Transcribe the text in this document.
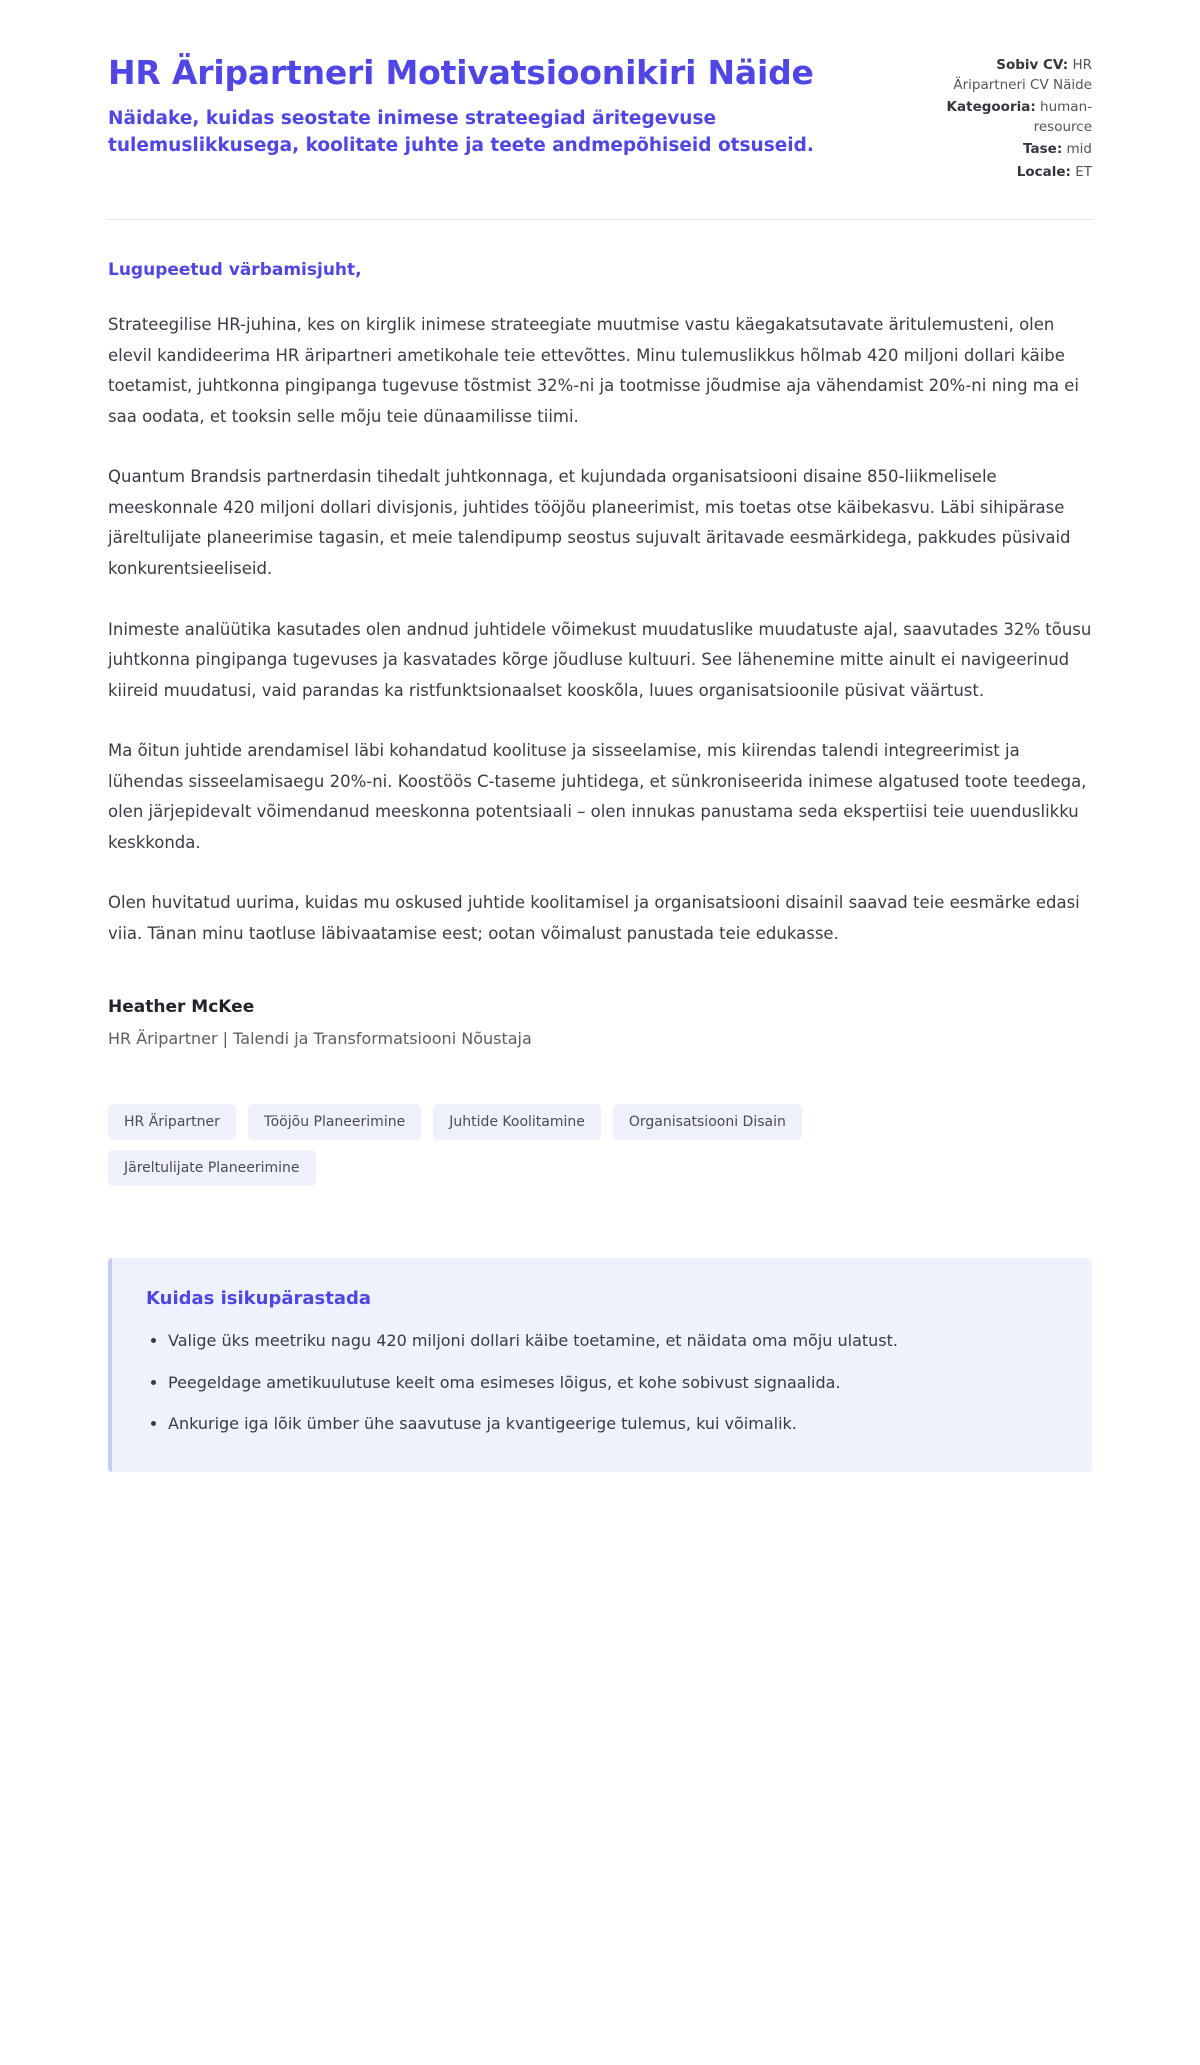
HR Äripartneri Motivatsioonikiri Näide

Näidake, kuidas seostate inimese strateegiad äritegevuse tulemuslikkusega, koolitate juhte ja teete andmepõhiseid otsuseid.

Sobiv CV: HR Äripartneri CV Näide
Kategooria: human-resource
Tase: mid
Locale: ET

Lugupeetud värbamisjuht,

Strateegilise HR-juhina, kes on kirglik inimese strateegiate muutmise vastu käegakatsutavate äritulemusteni, olen elevil kandideerima HR äripartneri ametikohale teie ettevõttes. Minu tulemuslikkus hõlmab 420 miljoni dollari käibe toetamist, juhtkonna pingipanga tugevuse tõstmist 32%-ni ja tootmisse jõudmise aja vähendamist 20%-ni ning ma ei saa oodata, et tooksin selle mõju teie dünaamilisse tiimi.

Quantum Brandsis partnerdasin tihedalt juhtkonnaga, et kujundada organisatsiooni disaine 850-liikmelisele meeskonnale 420 miljoni dollari divisjonis, juhtides tööjõu planeerimist, mis toetas otse käibekasvu. Läbi sihipärase järeltulijate planeerimise tagasin, et meie talendipump seostus sujuvalt äritavade eesmärkidega, pakkudes püsivaid konkurentsieeliseid.

Inimeste analüütika kasutades olen andnud juhtidele võimekust muudatuslike muudatuste ajal, saavutades 32% tõusu juhtkonna pingipanga tugevuses ja kasvatades kõrge jõudluse kultuuri. See lähenemine mitte ainult ei navigeerinud kiireid muudatusi, vaid parandas ka ristfunktsionaalset kooskõla, luues organisatsioonile püsivat väärtust.

Ma õitun juhtide arendamisel läbi kohandatud koolituse ja sisseelamise, mis kiirendas talendi integreerimist ja lühendas sisseelamisaegu 20%-ni. Koostöös C-taseme juhtidega, et sünkroniseerida inimese algatused toote teedega, olen järjepidevalt võimendanud meeskonna potentsiaali – olen innukas panustama seda ekspertiisi teie uuenduslikku keskkonda.

Olen huvitatud uurima, kuidas mu oskused juhtide koolitamisel ja organisatsiooni disainil saavad teie eesmärke edasi viia. Tänan minu taotluse läbivaatamise eest; ootan võimalust panustada teie edukasse.

Heather McKee

HR Äripartner | Talendi ja Transformatsiooni Nõustaja

HR Äripartner	Tööjõu Planeerimine	Juhtide Koolitamine	Organisatsiooni Disain
Järeltulijate Planeerimine
Kuidas isikupärastada
• Valige üks meetriku nagu 420 miljoni dollari käibe toetamine, et näidata oma mõju ulatust.
• Peegeldage ametikuulutuse keelt oma esimeses lõigus, et kohe sobivust signaalida.
• Ankurige iga lõik ümber ühe saavutuse ja kvantigeerige tulemus, kui võimalik.
